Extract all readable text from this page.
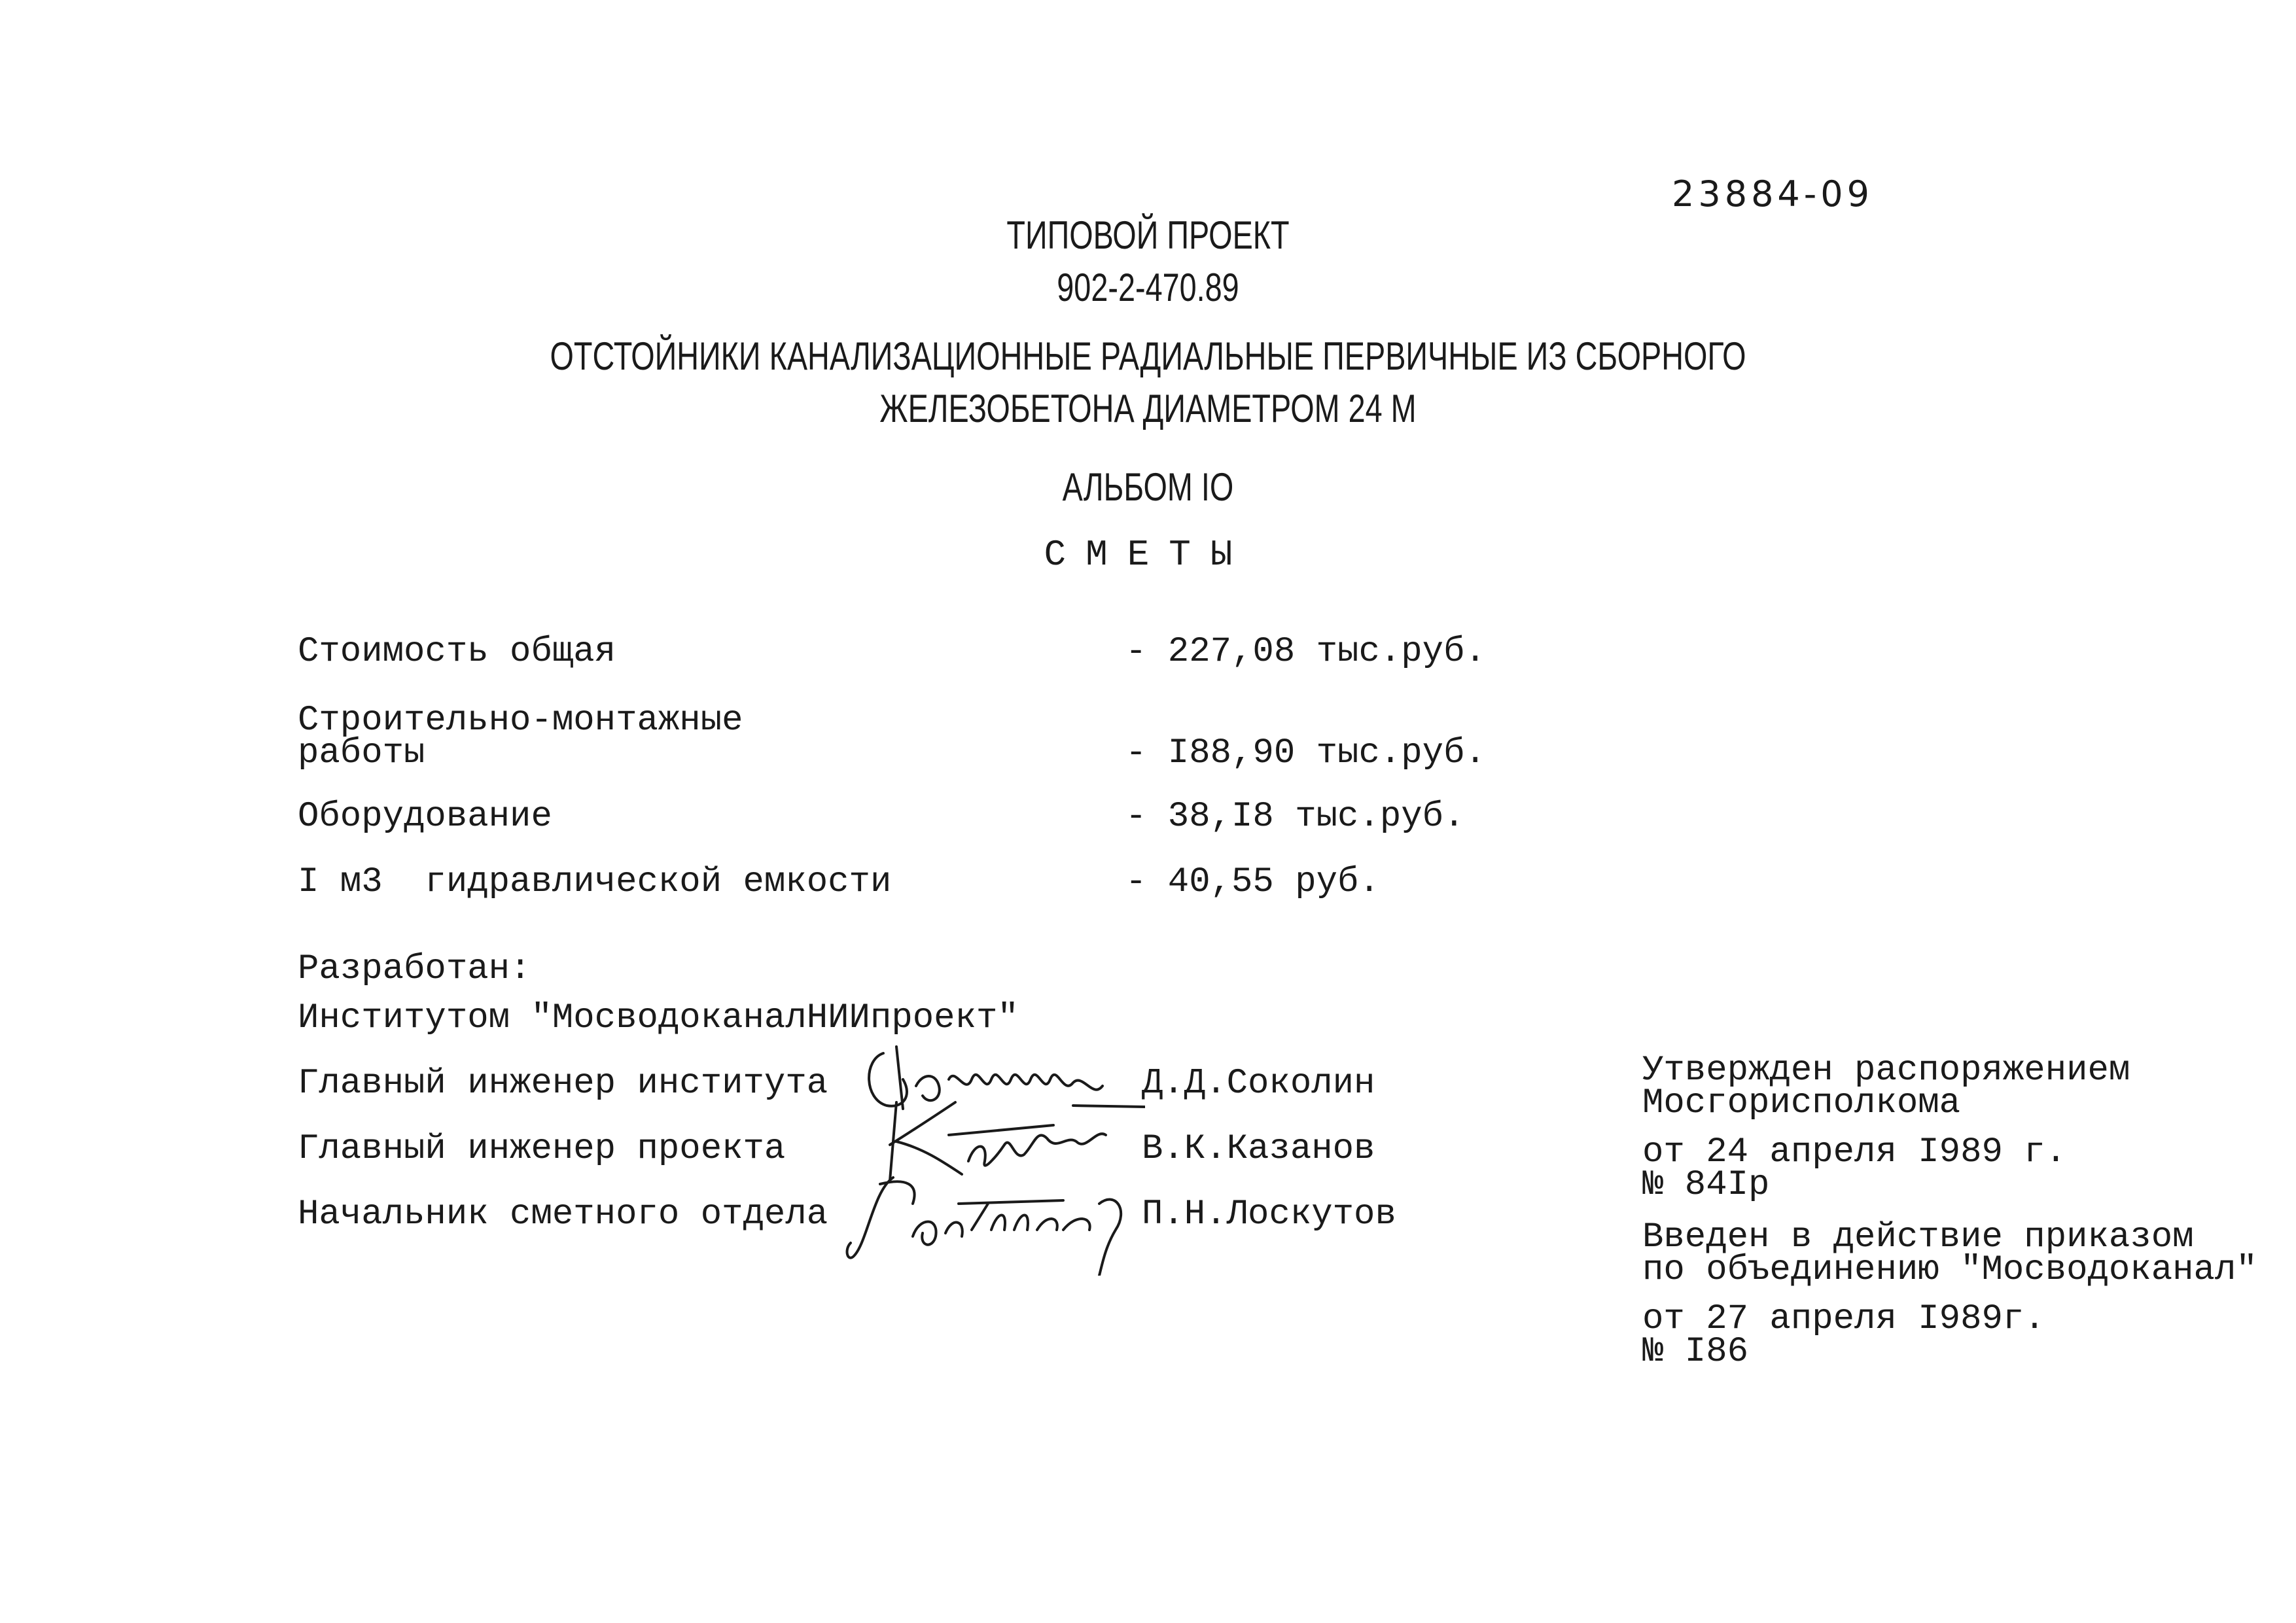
23884-09
ТИПОВОЙ ПРОЕКТ
902-2-470.89
ОТСТОЙНИКИ КАНАЛИЗАЦИОННЫЕ РАДИАЛЬНЫЕ ПЕРВИЧНЫЕ ИЗ СБОРНОГО
ЖЕЛЕЗОБЕТОНА ДИАМЕТРОМ 24 М
АЛЬБОМ IО
СМЕТЫ
Стоимость общая	- 227,08 тыс.руб.
Строительно-монтажные
работы	- I88,90 тыс.руб.
Оборудование	- 38,I8 тыс.руб.
I м3  гидравлической емкости	- 40,55 руб.
Разработан:
Институтом "МосводоканалНИИпроект"
Главный инженер института	Д.Д.Соколин
Главный инженер проекта	В.К.Казанов
Начальник сметного отдела	П.Н.Лоскутов
Утвержден распоряжением
Мосгорисполкома
от 24 апреля I989 г.
№ 84Iр
Введен в действие приказом
по объединению "Мосводоканал"
от 27 апреля I989г.
№ I86
